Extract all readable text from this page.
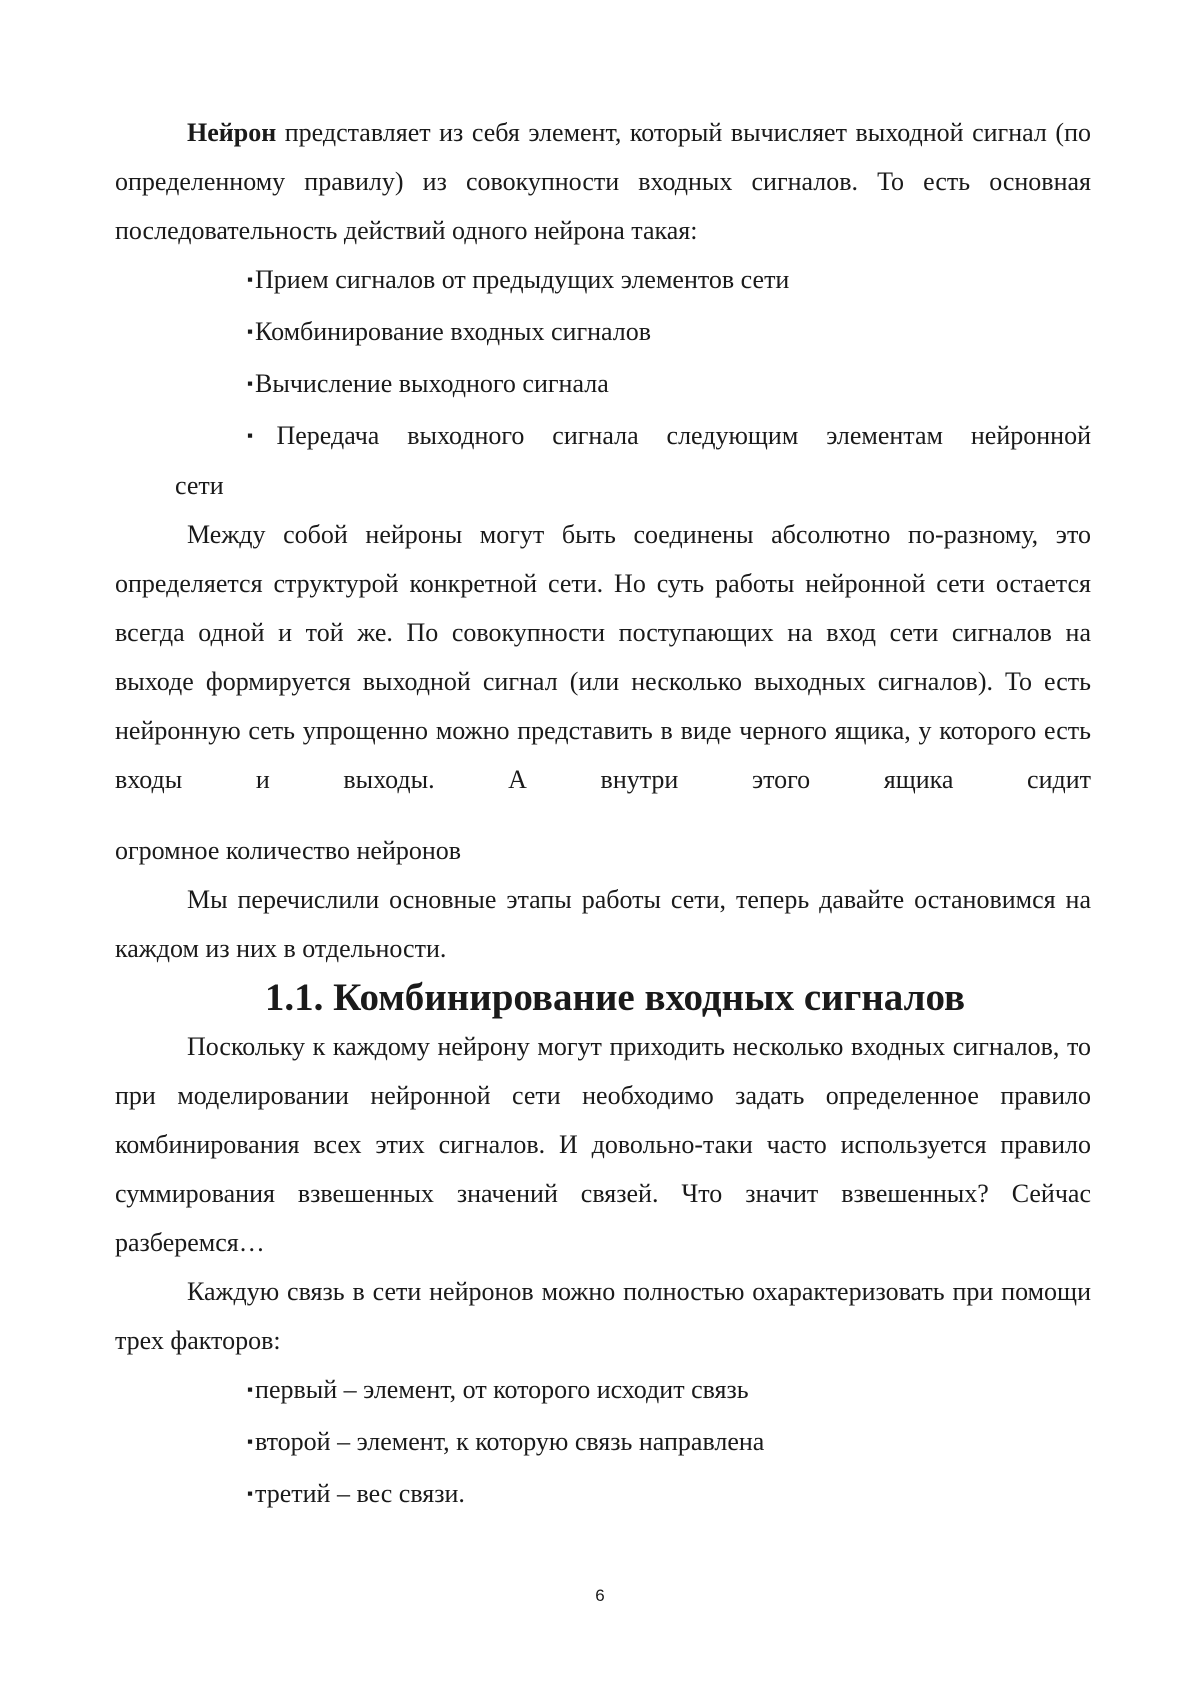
Нейрон представляет из себя элемент, который вычисляет выходной сигнал (по определенному правилу) из совокупности входных сигналов. То есть основная последовательность действий одного нейрона такая:

▪Прием сигналов от предыдущих элементов сети
▪Комбинирование входных сигналов
▪Вычисление выходного сигнала
▪Передача выходного сигнала следующим элементам нейронной
сети

Между собой нейроны могут быть соединены абсолютно по-разному, это определяется структурой конкретной сети. Но суть работы нейронной сети остается всегда одной и той же. По совокупности поступающих на вход сети сигналов на выходе формируется выходной сигнал (или несколько выходных сигналов). То есть нейронную сеть упрощенно можно представить в виде черного ящика, у которого есть входы и выходы. А внутри этого ящика сидит

огромное количество нейронов

Мы перечислили основные этапы работы сети, теперь давайте остановимся на каждом из них в отдельности.

1.1. Комбинирование входных сигналов

Поскольку к каждому нейрону могут приходить несколько входных сигналов, то при моделировании нейронной сети необходимо задать определенное правило комбинирования всех этих сигналов. И довольно-таки часто используется правило суммирования взвешенных значений связей. Что значит взвешенных? Сейчас разберемся…

Каждую связь в сети нейронов можно полностью охарактеризовать при помощи трех факторов:

▪первый – элемент, от которого исходит связь
▪второй – элемент, к которую связь направлена
▪третий – вес связи.
6
